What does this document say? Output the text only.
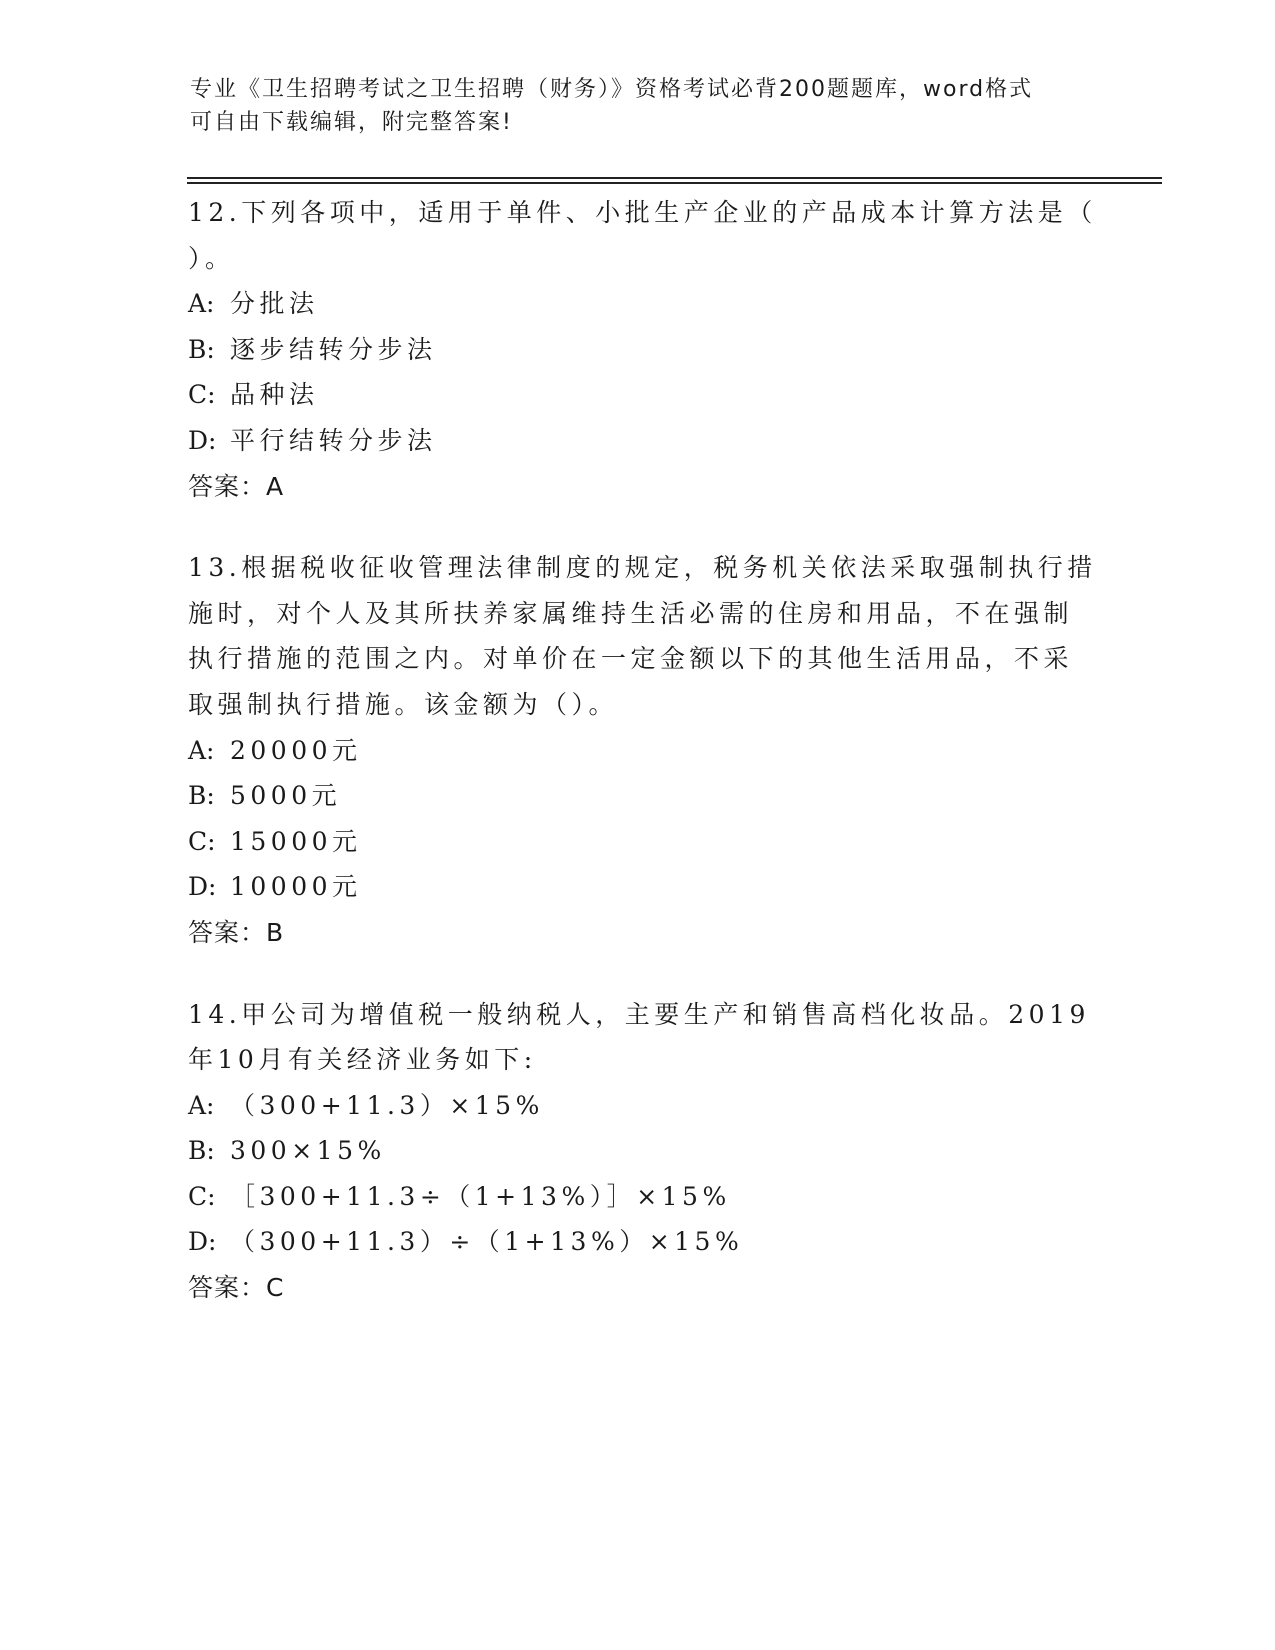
专业《卫生招聘考试之卫生招聘（财务）》资格考试必背200题题库，word格式
可自由下载编辑，附完整答案!
12.下列各项中，适用于单件、小批生产企业的产品成本计算方法是（
）。
A: 分批法
B: 逐步结转分步法
C: 品种法
D: 平行结转分步法
答案：A
13.根据税收征收管理法律制度的规定，税务机关依法采取强制执行措
施时，对个人及其所扶养家属维持生活必需的住房和用品，不在强制
执行措施的范围之内。对单价在一定金额以下的其他生活用品，不采
取强制执行措施。该金额为（）。
A: 20000元
B: 5000元
C: 15000元
D: 10000元
答案：B
14.甲公司为增值税一般纳税人，主要生产和销售高档化妆品。2019
年10月有关经济业务如下:
A: （300+11.3）×15%
B: 300×15%
C: ［300+11.3÷（1+13%）］×15%
D: （300+11.3）÷（1+13%）×15%
答案：C
